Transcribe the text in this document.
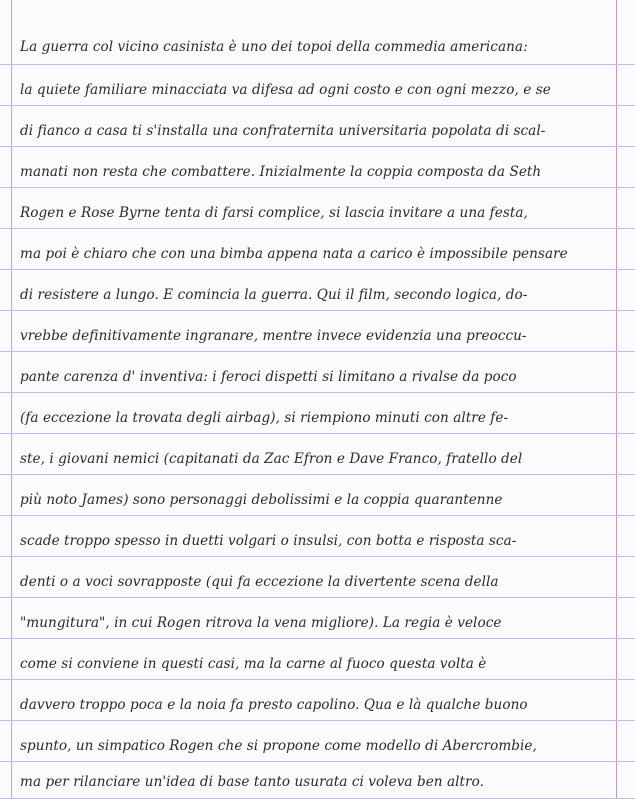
La guerra col vicino casinista è uno dei topoi della commedia americana:
la quiete familiare minacciata va difesa ad ogni costo e con ogni mezzo, e se
di fianco a casa ti s'installa una confraternita universitaria popolata di scal-
manati non resta che combattere. Inizialmente la coppia composta da Seth
Rogen e Rose Byrne tenta di farsi complice, si lascia invitare a una festa,
ma poi è chiaro che con una bimba appena nata a carico è impossibile pensare
di resistere a lungo. E comincia la guerra. Qui il film, secondo logica, do-
vrebbe definitivamente ingranare, mentre invece evidenzia una preoccu-
pante carenza d' inventiva: i feroci dispetti si limitano a rivalse da poco
(fa eccezione la trovata degli airbag), si riempiono minuti con altre fe-
ste, i giovani nemici (capitanati da Zac Efron e Dave Franco, fratello del
più noto James) sono personaggi debolissimi e la coppia quarantenne
scade troppo spesso in duetti volgari o insulsi, con botta e risposta sca-
denti o a voci sovrapposte (qui fa eccezione la divertente scena della
"mungitura", in cui Rogen ritrova la vena migliore). La regia è veloce
come si conviene in questi casi, ma la carne al fuoco questa volta è
davvero troppo poca e la noia fa presto capolino. Qua e là qualche buono
spunto, un simpatico Rogen che si propone come modello di Abercrombie,
ma per rilanciare un'idea di base tanto usurata ci voleva ben altro.
